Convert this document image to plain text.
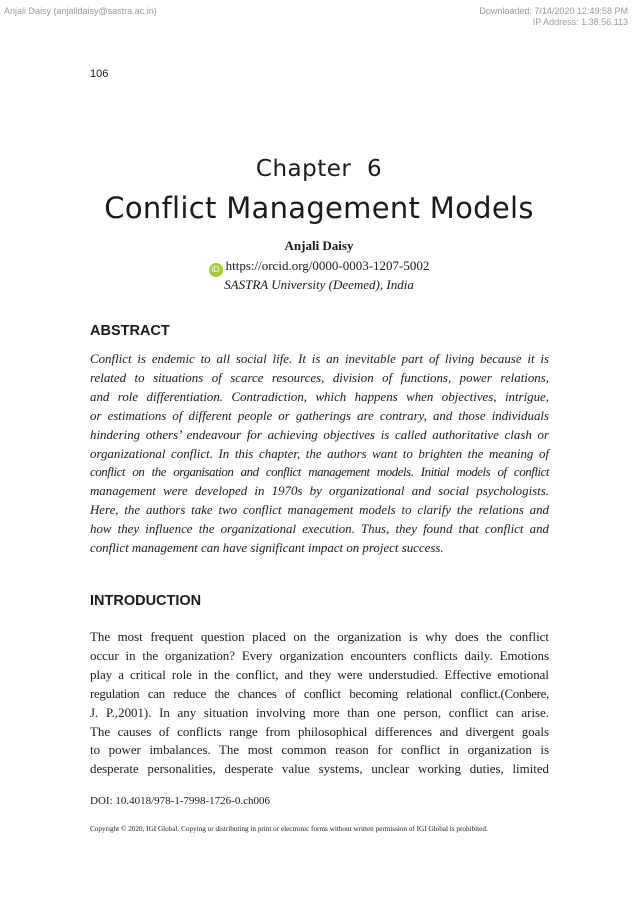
Anjali Daisy (anjalidaisy@sastra.ac.in)	Downloaded: 7/14/2020 12:49:58 PM
IP Address: 1.38.56.113
106
Chapter  6
Conflict Management Models
Anjali Daisy
iD https://orcid.org/0000-0003-1207-5002
SASTRA University (Deemed), India
ABSTRACT
Conflict is endemic to all social life. It is an inevitable part of living because it is
related to situations of scarce resources, division of functions, power relations,
and role differentiation. Contradiction, which happens when objectives, intrigue,
or estimations of different people or gatherings are contrary, and those individuals
hindering others’ endeavour for achieving objectives is called authoritative clash or
organizational conflict. In this chapter, the authors want to brighten the meaning of
conflict on the organisation and conflict management models. Initial models of conflict
management were developed in 1970s by organizational and social psychologists.
Here, the authors take two conflict management models to clarify the relations and
how they influence the organizational execution. Thus, they found that conflict and
conflict management can have significant impact on project success.
INTRODUCTION
The most frequent question placed on the organization is why does the conflict
occur in the organization? Every organization encounters conflicts daily. Emotions
play a critical role in the conflict, and they were understudied. Effective emotional
regulation can reduce the chances of conflict becoming relational conflict.(Conbere,
J. P.,2001). In any situation involving more than one person, conflict can arise.
The causes of conflicts range from philosophical differences and divergent goals
to power imbalances. The most common reason for conflict in organization is
desperate personalities, desperate value systems, unclear working duties, limited
DOI: 10.4018/978-1-7998-1726-0.ch006
Copyright © 2020, IGI Global. Copying or distributing in print or electronic forms without written permission of IGI Global is prohibited.
